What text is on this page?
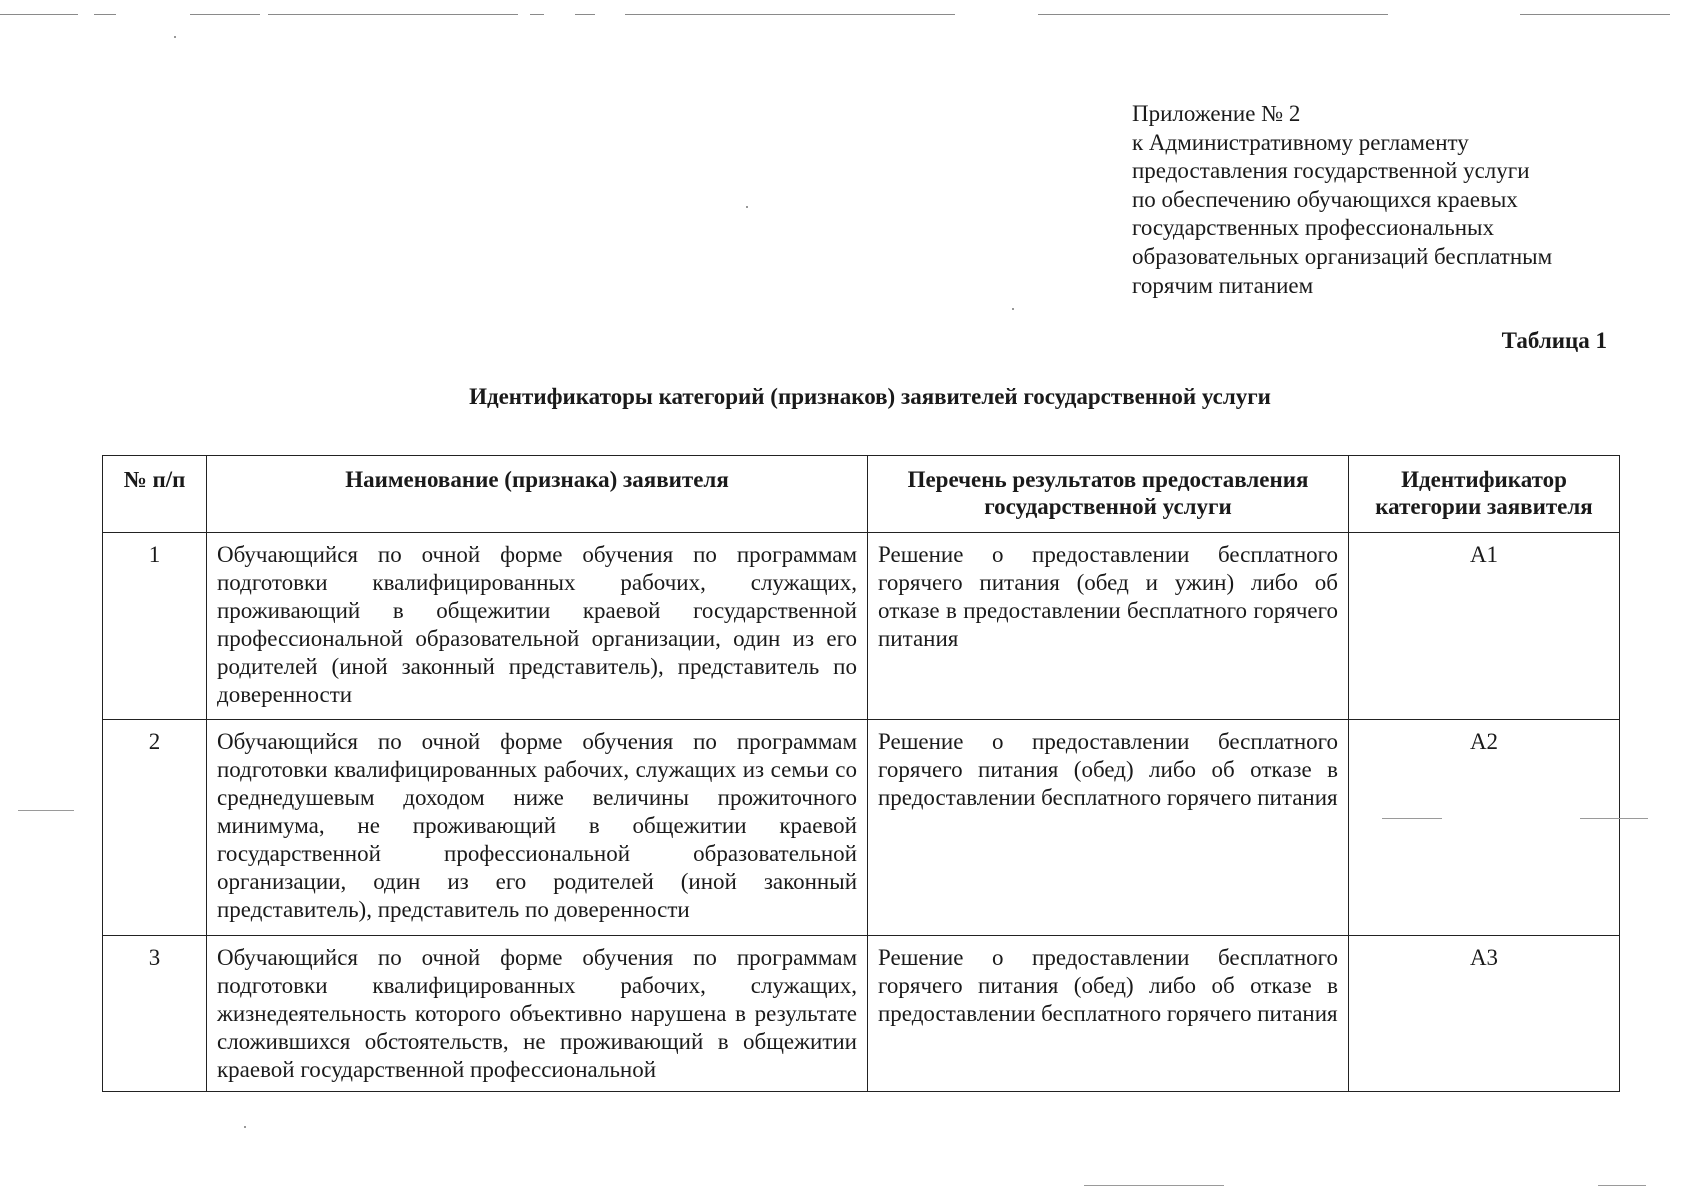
Приложение № 2
к Административному регламенту
предоставления государственной услуги
по обеспечению обучающихся краевых
государственных профессиональных
образовательных организаций бесплатным
горячим питанием
Таблица 1
Идентификаторы категорий (признаков) заявителей государственной услуги
№ п/п	Наименование (признака) заявителя	Перечень результатов предоставления государственной услуги	Идентификатор категории заявителя
1	Обучающийся по очной форме обучения по программам подготовки квалифицированных рабочих, служащих, проживающий в общежитии краевой государственной профессиональной образовательной организации, один из его родителей (иной законный представитель), представитель по доверенности	Решение о предоставлении бесплатного горячего питания (обед и ужин) либо об отказе в предоставлении бесплатного горячего питания	А1
2	Обучающийся по очной форме обучения по программам подготовки квалифицированных рабочих, служащих из семьи со среднедушевым доходом ниже величины прожиточного минимума, не проживающий в общежитии краевой государственной профессиональной образовательной организации, один из его родителей (иной законный представитель), представитель по доверенности	Решение о предоставлении бесплатного горячего питания (обед) либо об отказе в предоставлении бесплатного горячего питания	А2
3	Обучающийся по очной форме обучения по программам подготовки квалифицированных рабочих, служащих, жизнедеятельность которого объективно нарушена в результате сложившихся обстоятельств, не проживающий в общежитии краевой государственной профессиональной	Решение о предоставлении бесплатного горячего питания (обед) либо об отказе в предоставлении бесплатного горячего питания	А3
